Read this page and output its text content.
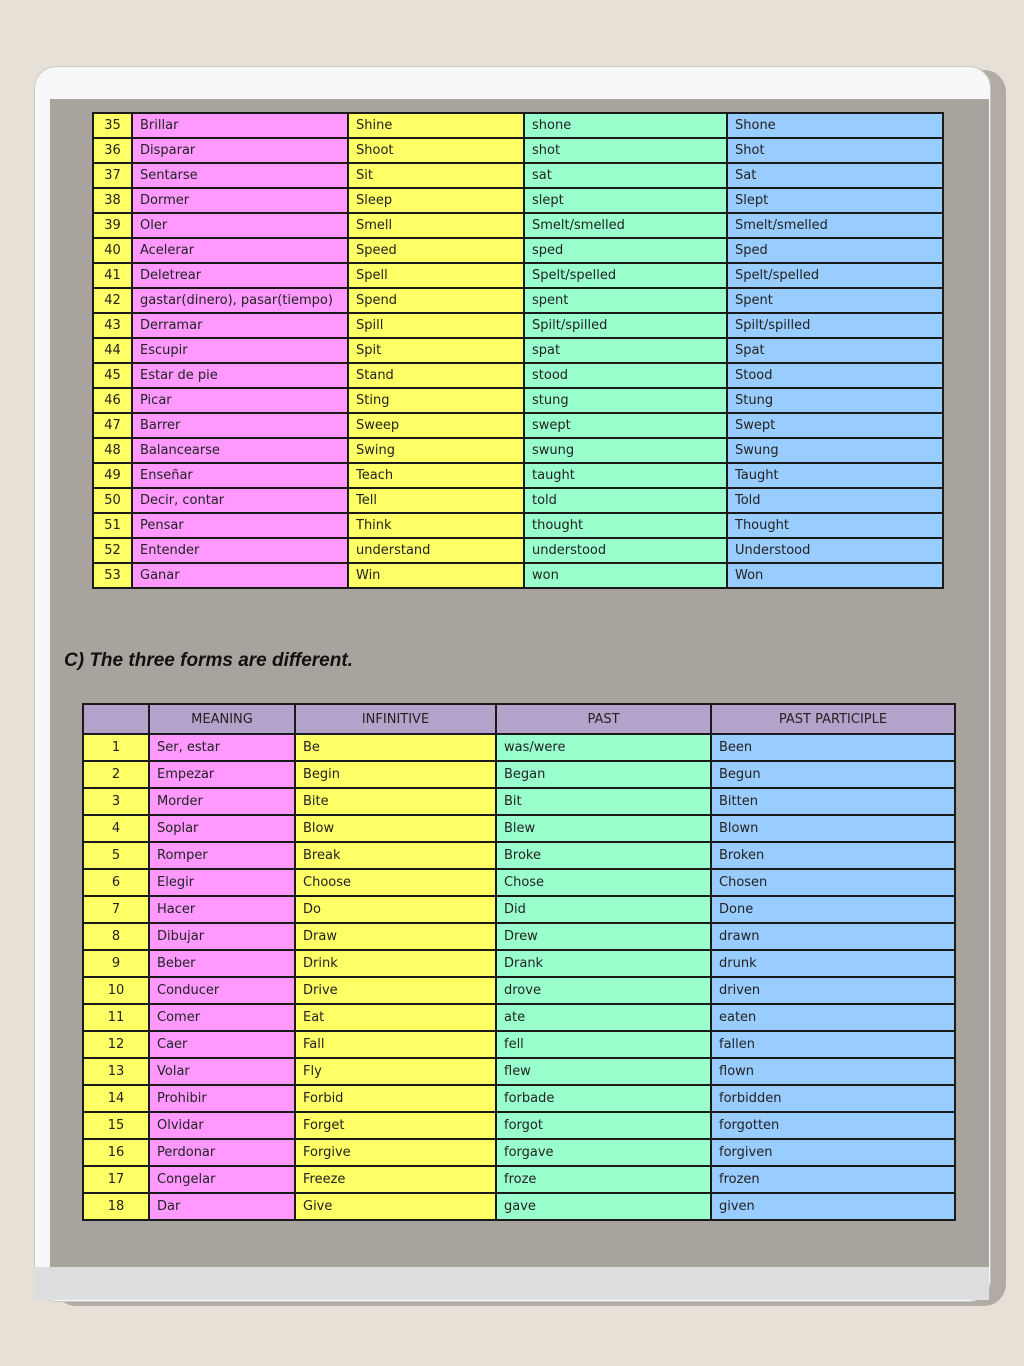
35	Brillar	Shine	shone	Shone
36	Disparar	Shoot	shot	Shot
37	Sentarse	Sit	sat	Sat
38	Dormer	Sleep	slept	Slept
39	Oler	Smell	Smelt/smelled	Smelt/smelled
40	Acelerar	Speed	sped	Sped
41	Deletrear	Spell	Spelt/spelled	Spelt/spelled
42	gastar(dinero), pasar(tiempo)	Spend	spent	Spent
43	Derramar	Spill	Spilt/spilled	Spilt/spilled
44	Escupir	Spit	spat	Spat
45	Estar de pie	Stand	stood	Stood
46	Picar	Sting	stung	Stung
47	Barrer	Sweep	swept	Swept
48	Balancearse	Swing	swung	Swung
49	Enseñar	Teach	taught	Taught
50	Decir, contar	Tell	told	Told
51	Pensar	Think	thought	Thought
52	Entender	understand	understood	Understood
53	Ganar	Win	won	Won
C) The three forms are different.
	MEANING	INFINITIVE	PAST	PAST PARTICIPLE
1	Ser, estar	Be	was/were	Been
2	Empezar	Begin	Began	Begun
3	Morder	Bite	Bit	Bitten
4	Soplar	Blow	Blew	Blown
5	Romper	Break	Broke	Broken
6	Elegir	Choose	Chose	Chosen
7	Hacer	Do	Did	Done
8	Dibujar	Draw	Drew	drawn
9	Beber	Drink	Drank	drunk
10	Conducer	Drive	drove	driven
11	Comer	Eat	ate	eaten
12	Caer	Fall	fell	fallen
13	Volar	Fly	flew	flown
14	Prohibir	Forbid	forbade	forbidden
15	Olvidar	Forget	forgot	forgotten
16	Perdonar	Forgive	forgave	forgiven
17	Congelar	Freeze	froze	frozen
18	Dar	Give	gave	given
